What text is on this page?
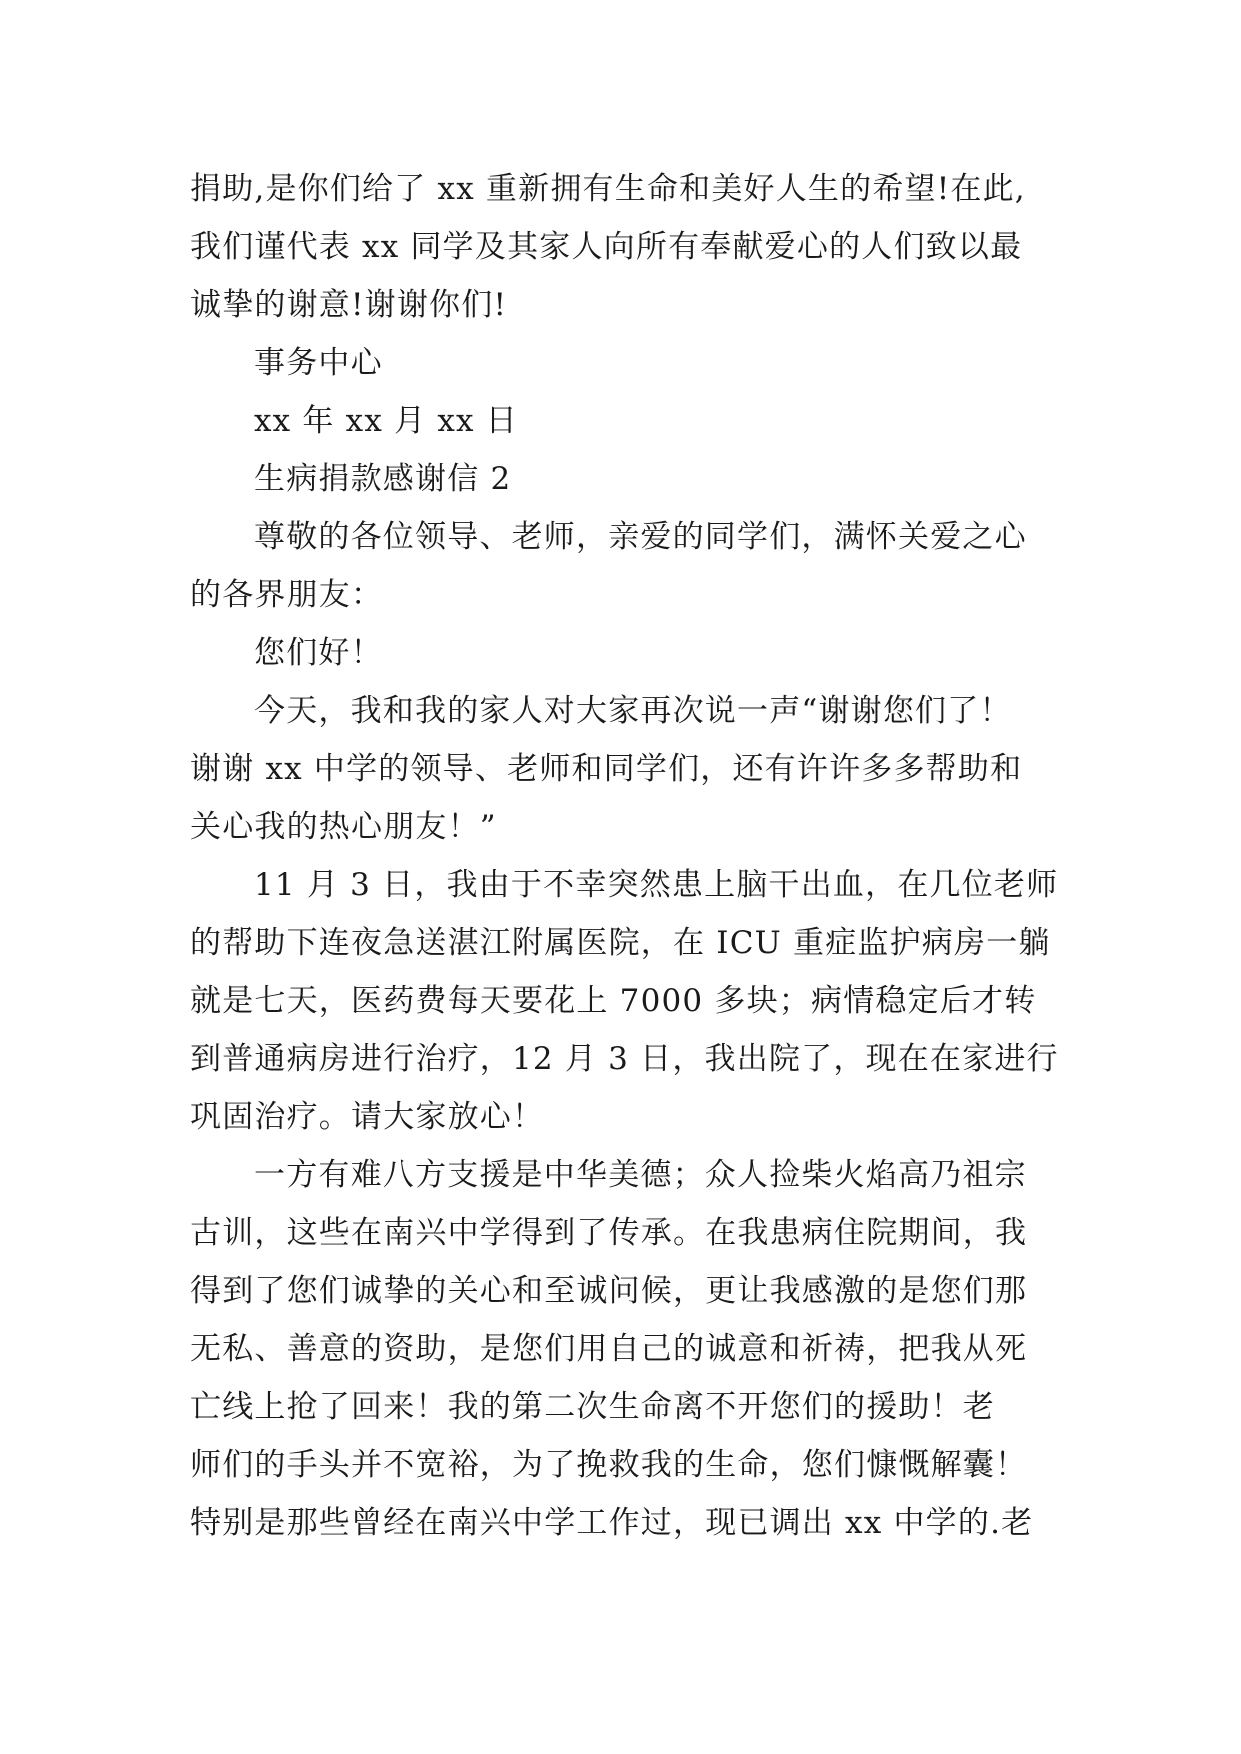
捐助,是你们给了 xx 重新拥有生命和美好人生的希望!在此,
我们谨代表 xx 同学及其家人向所有奉献爱心的人们致以最
诚挚的谢意!谢谢你们!
事务中心
xx 年 xx 月 xx 日
生病捐款感谢信 2
尊敬的各位领导、老师，亲爱的同学们，满怀关爱之心
的各界朋友：
您们好！
今天，我和我的家人对大家再次说一声“谢谢您们了！
谢谢 xx 中学的领导、老师和同学们，还有许许多多帮助和
关心我的热心朋友！”
11 月 3 日，我由于不幸突然患上脑干出血，在几位老师
的帮助下连夜急送湛江附属医院，在 ICU 重症监护病房一躺
就是七天，医药费每天要花上 7000 多块；病情稳定后才转
到普通病房进行治疗，12 月 3 日，我出院了，现在在家进行
巩固治疗。请大家放心！
一方有难八方支援是中华美德；众人捡柴火焰高乃祖宗
古训，这些在南兴中学得到了传承。在我患病住院期间，我
得到了您们诚挚的关心和至诚问候，更让我感激的是您们那
无私、善意的资助，是您们用自己的诚意和祈祷，把我从死
亡线上抢了回来！我的第二次生命离不开您们的援助！老
师们的手头并不宽裕，为了挽救我的生命，您们慷慨解囊！
特别是那些曾经在南兴中学工作过，现已调出 xx 中学的.老
